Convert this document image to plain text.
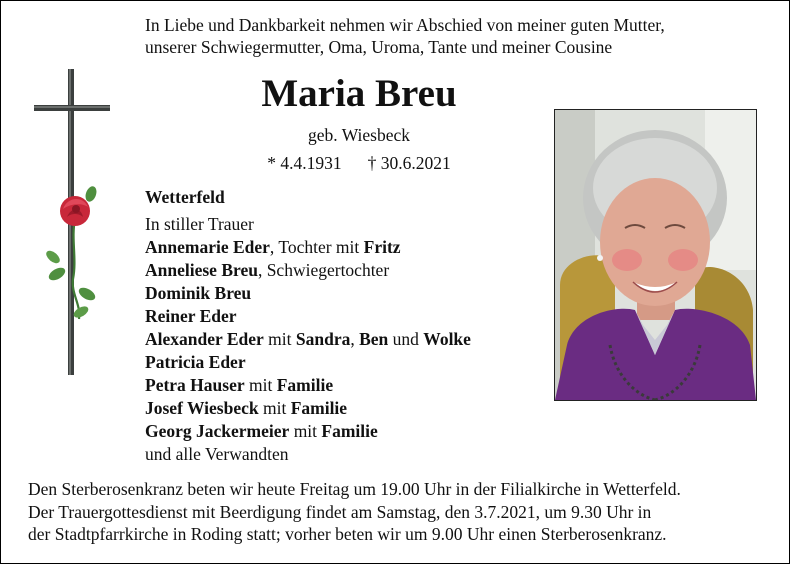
In Liebe und Dankbarkeit nehmen wir Abschied von meiner guten Mutter,
unserer Schwiegermutter, Oma, Uroma, Tante und meiner Cousine
Maria Breu
geb. Wiesbeck
* 4.4.1931 † 30.6.2021
Wetterfeld
In stiller Trauer
Annemarie Eder, Tochter mit Fritz
Anneliese Breu, Schwiegertochter
Dominik Breu
Reiner Eder
Alexander Eder mit Sandra, Ben und Wolke
Patricia Eder
Petra Hauser mit Familie
Josef Wiesbeck mit Familie
Georg Jackermeier mit Familie
und alle Verwandten
Den Sterberosenkranz beten wir heute Freitag um 19.00 Uhr in der Filialkirche in Wetterfeld.
Der Trauergottesdienst mit Beerdigung findet am Samstag, den 3.7.2021, um 9.30 Uhr in
der Stadtpfarrkirche in Roding statt; vorher beten wir um 9.00 Uhr einen Sterberosenkranz.
